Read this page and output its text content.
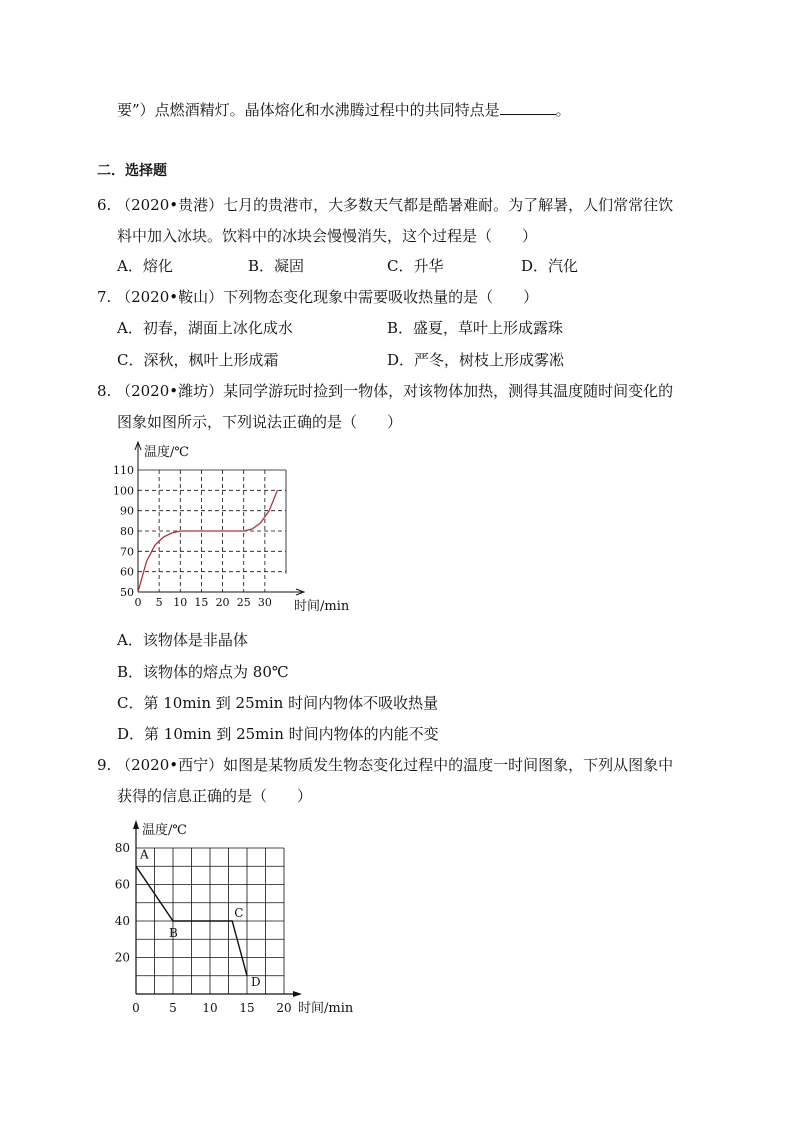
要”）点燃酒精灯。晶体熔化和水沸腾过程中的共同特点是	。
二．选择题
6. （2020•贵港）七月的贵港市，大多数天气都是酷暑难耐。为了解暑，人们常常往饮
料中加入冰块。饮料中的冰块会慢慢消失，这个过程是（　　）
A．熔化	B．凝固	C．升华	D．汽化
7. （2020•鞍山）下列物态变化现象中需要吸收热量的是（　　）
A．初春，湖面上冰化成水	B．盛夏，草叶上形成露珠
C．深秋，枫叶上形成霜	D．严冬，树枝上形成雾凇
8. （2020•潍坊）某同学游玩时捡到一物体，对该物体加热，测得其温度随时间变化的
图象如图所示，下列说法正确的是（　　）
50
60
70
80
90
100
110
0 5 10 15 20 25 30
温度/℃
时间/min
A．该物体是非晶体
B．该物体的熔点为 80℃
C．第 10min 到 25min 时间内物体不吸收热量
D．第 10min 到 25min 时间内物体的内能不变
9. （2020•西宁）如图是某物质发生物态变化过程中的温度一时间图象，下列从图象中
获得的信息正确的是（　　）
20
40
60
80
0 5 10 15 20
温度/℃
时间/min
A
B
C
D
